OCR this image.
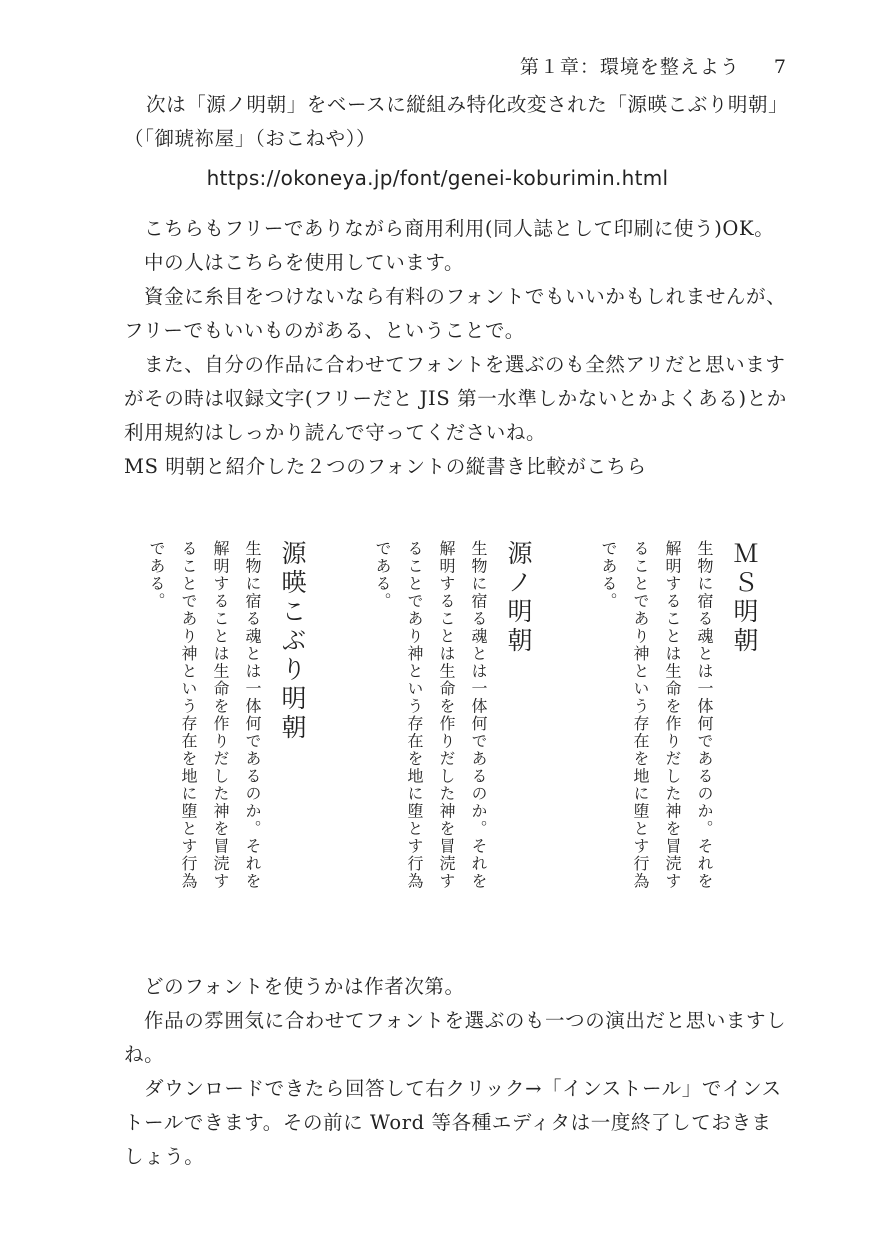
第１章：環境を整えよう 7

次は「源ノ明朝」をベースに縦組み特化改変された「源暎こぶり明朝」

（「御琥祢屋」（おこねや））

https://okoneya.jp/font/genei-koburimin.html

こちらもフリーでありながら商用利用(同人誌として印刷に使う)OK。

中の人はこちらを使用しています。

資金に糸目をつけないなら有料のフォントでもいいかもしれませんが、フリーでもいいものがある、ということで。

また、自分の作品に合わせてフォントを選ぶのも全然アリだと思いますがその時は収録文字(フリーだと JIS 第一水準しかないとかよくある)とか利用規約はしっかり読んで守ってくださいね。

MS 明朝と紹介した２つのフォントの縦書き比較がこちら

ＭＳ明朝

生物に宿る魂とは一体何であるのか。それを解明することは生命を作りだした神を冒涜することであり神という存在を地に堕とす行為である。

源ノ明朝

生物に宿る魂とは一体何であるのか。それを解明することは生命を作りだした神を冒涜することであり神という存在を地に堕とす行為である。

源暎こぶり明朝

生物に宿る魂とは一体何であるのか。それを解明することは生命を作りだした神を冒涜することであり神という存在を地に堕とす行為である。

どのフォントを使うかは作者次第。

作品の雰囲気に合わせてフォントを選ぶのも一つの演出だと思いますしね。

ダウンロードできたら回答して右クリック→「インストール」でインストールできます。その前に Word 等各種エディタは一度終了しておきましょう。
